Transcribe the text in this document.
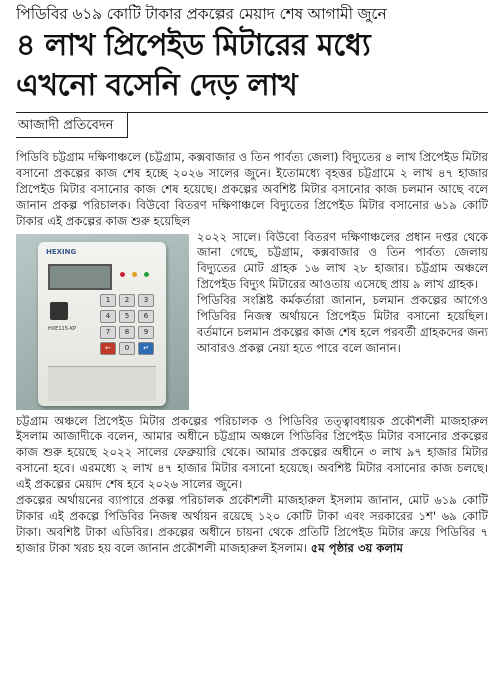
পিডিবির ৬১৯ কোটি টাকার প্রকল্পের মেয়াদ শেষ আগামী জুনে
৪ লাখ প্রিপেইড মিটারের মধ্যে
এখনো বসেনি দেড় লাখ
আজাদী প্রতিবেদন

পিডিবি চট্টগ্রাম দক্ষিণাঞ্চলে (চট্টগ্রাম, কক্সবাজার ও তিন পার্বত্য জেলা) বিদ্যুতের ৪ লাখ প্রিপেইড মিটার বসানো প্রকল্পের কাজ শেষ হচ্ছে ২০২৬ সালের জুনে। ইতোমধ্যে বৃহত্তর চট্টগ্রামে ২ লাখ ৪৭ হাজার প্রিপেইড মিটার বসানোর কাজ শেষ হয়েছে। প্রকল্পের অবশিষ্ট মিটার বসানোর কাজ চলমান আছে বলে জানান প্রকল্প পরিচালক। বিউবো বিতরণ দক্ষিণাঞ্চলে বিদ্যুতের প্রিপেইড মিটার বসানোর ৬১৯ কোটি টাকার এই প্রকল্পের কাজ শুরু হয়েছিল

HEXING
HXE115-KP
1	2	3
4	5	6
7	8	9
←	0	↵

২০২২ সালে। বিউবো বিতরণ দক্ষিণাঞ্চলের প্রধান দপ্তর থেকে জানা গেছে, চট্টগ্রাম, কক্সবাজার ও তিন পার্বত্য জেলায় বিদ্যুতের মোট গ্রাহক ১৬ লাখ ২৮ হাজার। চট্টগ্রাম অঞ্চলে প্রিপেইড বিদ্যুৎ মিটারের আওতায় এসেছে প্রায় ৯ লাখ গ্রাহক।

পিডিবির সংশ্লিষ্ট কর্মকর্তারা জানান, চলমান প্রকল্পের আগেও পিডিবির নিজস্ব অর্থায়নে প্রিপেইড মিটার বসানো হয়েছিল। বর্তমানে চলমান প্রকল্পের কাজ শেষ হলে পরবর্তী গ্রাহকদের জন্য আবারও প্রকল্প নেয়া হতে পারে বলে জানান।

চট্টগ্রাম অঞ্চলে প্রিপেইড মিটার প্রকল্পের পরিচালক ও পিডিবির তত্ত্বাবধায়ক প্রকৌশলী মাজহারুল ইসলাম আজাদীকে বলেন, আমার অধীনে চট্টগ্রাম অঞ্চলে পিডিবির প্রিপেইড মিটার বসানোর প্রকল্পের কাজ শুরু হয়েছে ২০২২ সালের ফেব্রুয়ারি থেকে। আমার প্রকল্পের অধীনে ৩ লাখ ৯৭ হাজার মিটার বসানো হবে। এরমধ্যে ২ লাখ ৪৭ হাজার মিটার বসানো হয়েছে। অবশিষ্ট মিটার বসানোর কাজ চলছে। এই প্রকল্পের মেয়াদ শেষ হবে ২০২৬ সালের জুনে।

প্রকল্পের অর্থায়নের ব্যাপারে প্রকল্প পরিচালক প্রকৌশলী মাজহারুল ইসলাম জানান, মোট ৬১৯ কোটি টাকার এই প্রকল্পে পিডিবির নিজস্ব অর্থায়ন রয়েছে ১২০ কোটি টাকা এবং সরকারের ১শ' ৬৯ কোটি টাকা। অবশিষ্ট টাকা এডিবির। প্রকল্পের অধীনে চায়না থেকে প্রতিটি প্রিপেইড মিটার ক্রয়ে পিডিবির ৭ হাজার টাকা খরচ হয় বলে জানান প্রকৌশলী মাজহারুল ইসলাম। ৫ম পৃষ্ঠার ৩য় কলাম
